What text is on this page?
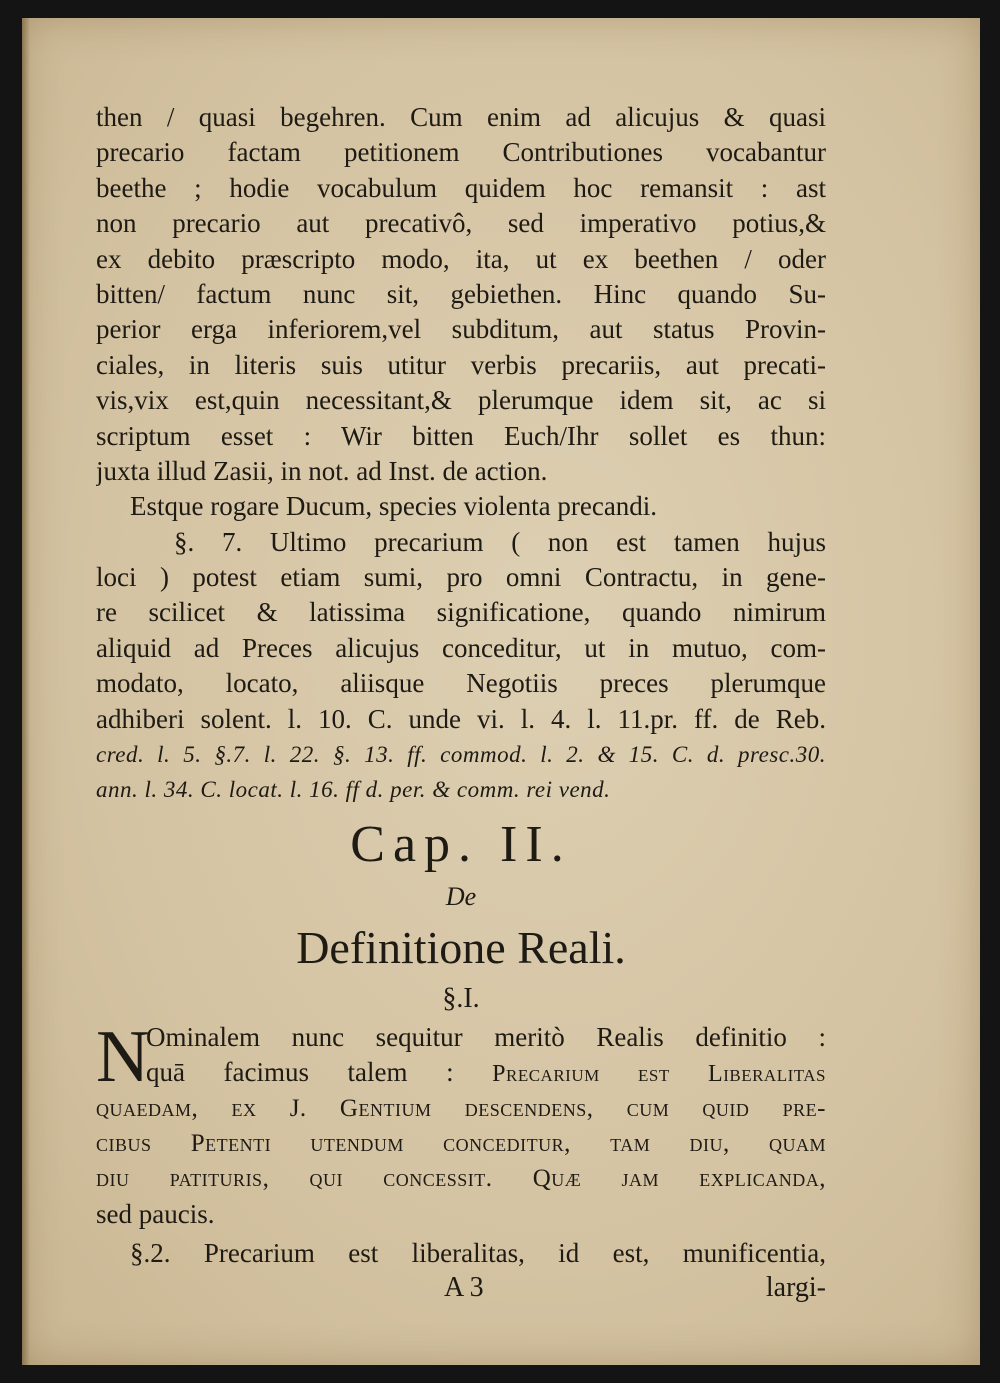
then / quasi begehren. Cum enim ad alicujus & quasi
precario factam petitionem Contributiones vocabantur
beethe ; hodie vocabulum quidem hoc remansit : ast
non precario aut precativô, sed imperativo potius,&
ex debito præscripto modo, ita, ut ex beethen / oder
bitten/ factum nunc sit, gebiethen. Hinc quando Su-
perior erga inferiorem,vel subditum, aut status Provin-
ciales, in literis suis utitur verbis precariis, aut precati-
vis,vix est,quin necessitant,& plerumque idem sit, ac si
scriptum esset : Wir bitten Euch/Ihr sollet es thun:
juxta illud Zasii, in not. ad Inst. de action.
Estque rogare Ducum, species violenta precandi.
§. 7. Ultimo precarium ( non est tamen hujus
loci ) potest etiam sumi, pro omni Contractu, in gene-
re scilicet & latissima significatione, quando nimirum
aliquid ad Preces alicujus conceditur, ut in mutuo, com-
modato, locato, aliisque Negotiis preces plerumque
adhiberi solent. l. 10. C. unde vi. l. 4. l. 11.pr. ff. de Reb.
cred. l. 5. §.7. l. 22. §. 13. ff. commod. l. 2. & 15. C. d. presc.30.
ann. l. 34. C. locat. l. 16. ff d. per. & comm. rei vend.
Cap. II.
De
Definitione Reali.
§.I.
N
Ominalem nunc sequitur meritò Realis definitio :
quā facimus talem : Precarium est Liberalitas
quaedam, ex J. Gentium descendens, cum quid pre-
cibus Petenti utendum conceditur, tam diu, quam
diu patituris, qui concessit. Quæ jam explicanda,
sed paucis.
§.2. Precarium est liberalitas, id est, munificentia,
A 3	largi-
